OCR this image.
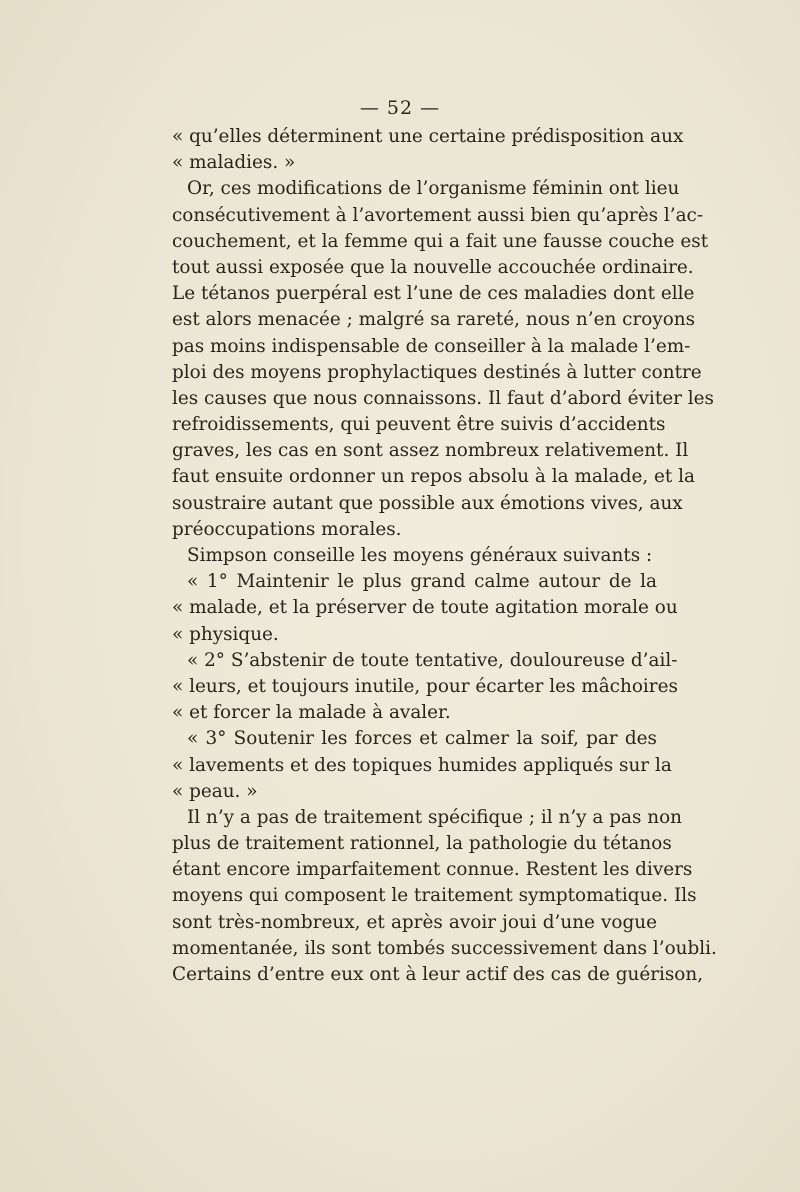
— 52 —
« qu’elles déterminent une certaine prédisposition aux
« maladies. »
Or, ces modifications de l’organisme féminin ont lieu
consécutivement à l’avortement aussi bien qu’après l’ac-
couchement, et la femme qui a fait une fausse couche est
tout aussi exposée que la nouvelle accouchée ordinaire.
Le tétanos puerpéral est l’une de ces maladies dont elle
est alors menacée ; malgré sa rareté, nous n’en croyons
pas moins indispensable de conseiller à la malade l’em-
ploi des moyens prophylactiques destinés à lutter contre
les causes que nous connaissons. Il faut d’abord éviter les
refroidissements, qui peuvent être suivis d’accidents
graves, les cas en sont assez nombreux relativement. Il
faut ensuite ordonner un repos absolu à la malade, et la
soustraire autant que possible aux émotions vives, aux
préoccupations morales.
Simpson conseille les moyens généraux suivants :
« 1° Maintenir le plus grand calme autour de la
« malade, et la préserver de toute agitation morale ou
« physique.
« 2° S’abstenir de toute tentative, douloureuse d’ail-
« leurs, et toujours inutile, pour écarter les mâchoires
« et forcer la malade à avaler.
« 3° Soutenir les forces et calmer la soif, par des
« lavements et des topiques humides appliqués sur la
« peau. »
Il n’y a pas de traitement spécifique ; il n’y a pas non
plus de traitement rationnel, la pathologie du tétanos
étant encore imparfaitement connue. Restent les divers
moyens qui composent le traitement symptomatique. Ils
sont très-nombreux, et après avoir joui d’une vogue
momentanée, ils sont tombés successivement dans l’oubli.
Certains d’entre eux ont à leur actif des cas de guérison,
